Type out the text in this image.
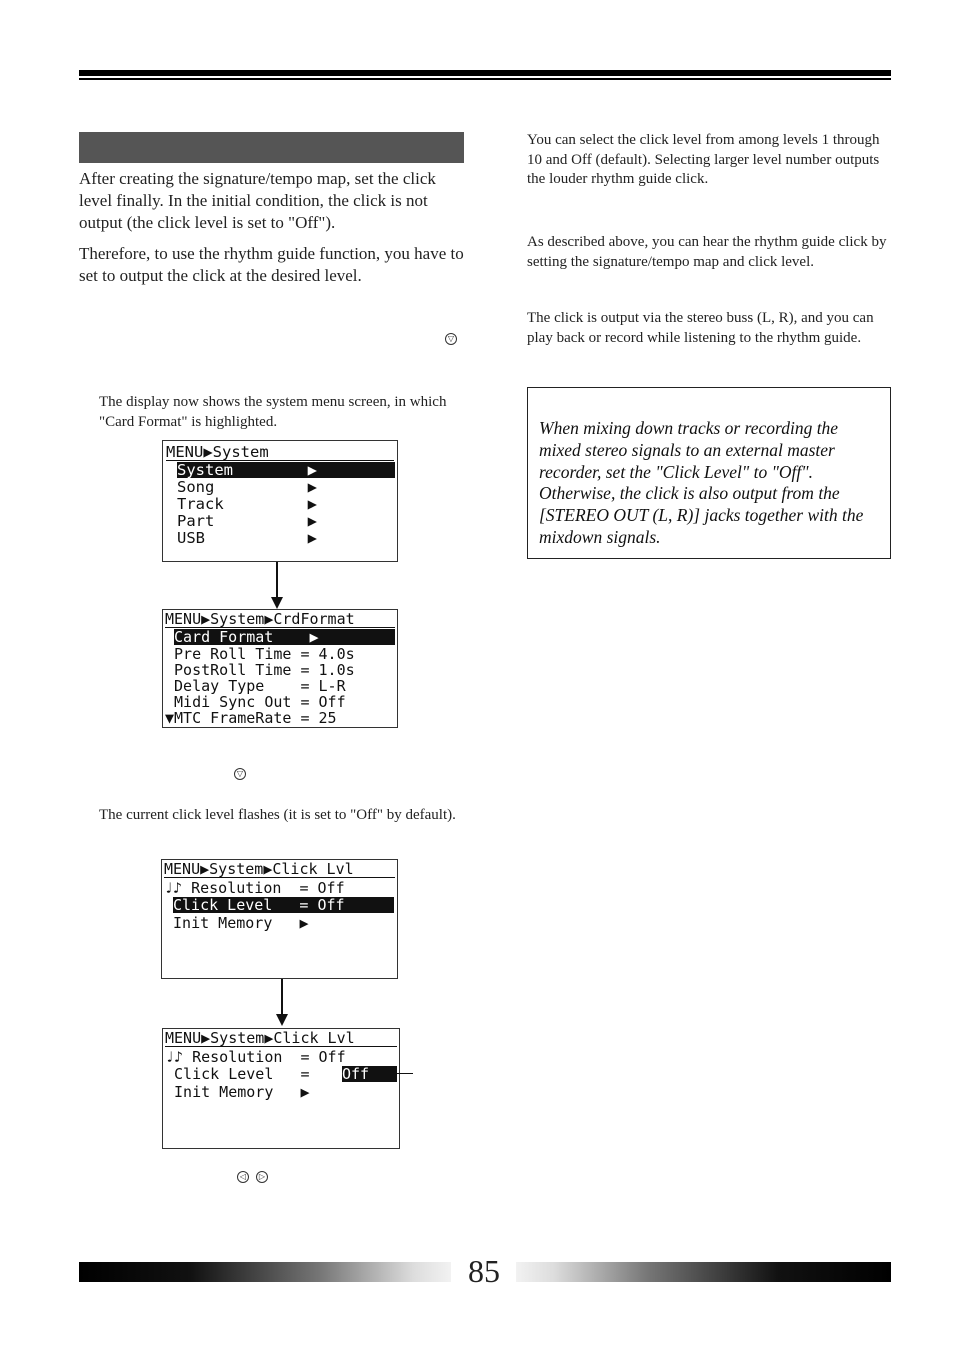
After creating the signature/tempo map, set the click level finally. In the initial condition, the click is not output (the click level is set to "Off").
Therefore, to use the rhythm guide function, you have to set to output the click at the desired level.
▽
The display now shows the system menu screen, in which "Card Format" is highlighted.
MENU▶System
System        ▶
Song          ▶
Track         ▶
Part          ▶
USB           ▶
MENU▶System▶CrdFormat
Card Format    ▶
Pre Roll Time = 4.0s
PostRoll Time = 1.0s
Delay Type    = L-R
Midi Sync Out = Off
▼MTC FrameRate = 25
▽
The current click level flashes (it is set to "Off" by default).
MENU▶System▶Click Lvl
♩♪ Resolution  = Off
Click Level   = Off
Init Memory   ▶
MENU▶System▶Click Lvl
♩♪ Resolution  = Off
Click Level   = Off
Init Memory   ▶
◁	▷
You can select the click level from among levels 1 through 10 and Off (default). Selecting larger level number outputs the louder rhythm guide click.
As described above, you can hear the rhythm guide click by setting the signature/tempo map and click level.
The click is output via the stereo buss (L, R), and you can play back or record while listening to the rhythm guide.
When mixing down tracks or recording the mixed stereo signals to an external master recorder, set the "Click Level" to "Off". Otherwise, the click is also output from the [STEREO OUT (L, R)] jacks together with the mixdown signals.
85
